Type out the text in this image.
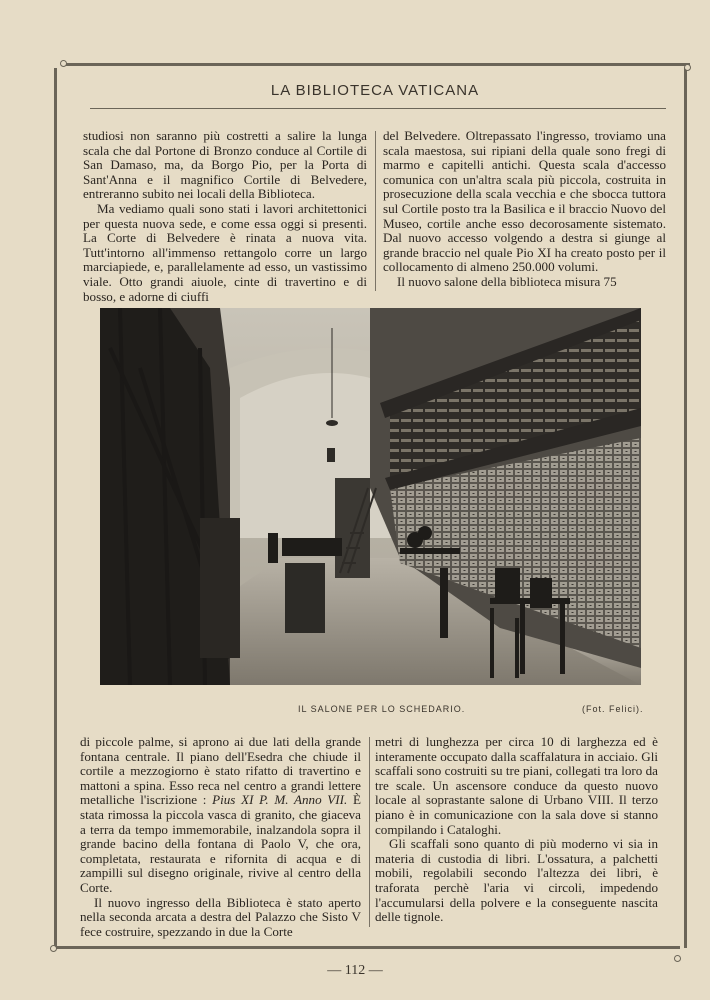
LA BIBLIOTECA VATICANA

studiosi non saranno più costretti a salire la lunga scala che dal Portone di Bronzo conduce al Cortile di San Damaso, ma, da Borgo Pio, per la Porta di Sant'Anna e il magnifico Cortile di Belvedere, entreranno subito nei locali della Biblioteca.

Ma vediamo quali sono stati i lavori architettonici per questa nuova sede, e come essa oggi si presenti. La Corte di Belvedere è rinata a nuova vita. Tutt'intorno all'immenso rettangolo corre un largo marciapiede, e, parallelamente ad esso, un vastissimo viale. Otto grandi aiuole, cinte di travertino e di bosso, e adorne di ciuffi

del Belvedere. Oltrepassato l'ingresso, troviamo una scala maestosa, sui ripiani della quale sono fregi di marmo e capitelli antichi. Questa scala d'accesso comunica con un'altra scala più piccola, costruita in prosecuzione della scala vecchia e che sbocca tuttora sul Cortile posto tra la Basilica e il braccio Nuovo del Museo, cortile anche esso decorosamente sistemato. Dal nuovo accesso volgendo a destra si giunge al grande braccio nel quale Pio XI ha creato posto per il collocamento di almeno 250.000 volumi.

Il nuovo salone della biblioteca misura 75

IL SALONE PER LO SCHEDARIO.	(Fot. Felici).

di piccole palme, si aprono ai due lati della grande fontana centrale. Il piano dell'Esedra che chiude il cortile a mezzogiorno è stato rifatto di travertino e mattoni a spina. Esso reca nel centro a grandi lettere metalliche l'iscrizione : Pius XI P. M. Anno VII. È stata rimossa la piccola vasca di granito, che giaceva a terra da tempo immemorabile, inalzandola sopra il grande bacino della fontana di Paolo V, che ora, completata, restaurata e rifornita di acqua e di zampilli sul disegno originale, rivive al centro della Corte.

Il nuovo ingresso della Biblioteca è stato aperto nella seconda arcata a destra del Palazzo che Sisto V fece costruire, spezzando in due la Corte

metri di lunghezza per circa 10 di larghezza ed è interamente occupato dalla scaffalatura in acciaio. Gli scaffali sono costruiti su tre piani, collegati tra loro da tre scale. Un ascensore conduce da questo nuovo locale al soprastante salone di Urbano VIII. Il terzo piano è in comunicazione con la sala dove si stanno compilando i Cataloghi.

Gli scaffali sono quanto di più moderno vi sia in materia di custodia di libri. L'ossatura, a palchetti mobili, regolabili secondo l'altezza dei libri, è traforata perchè l'aria vi circoli, impedendo l'accumularsi della polvere e la conseguente nascita delle tignole.

— 112 —
